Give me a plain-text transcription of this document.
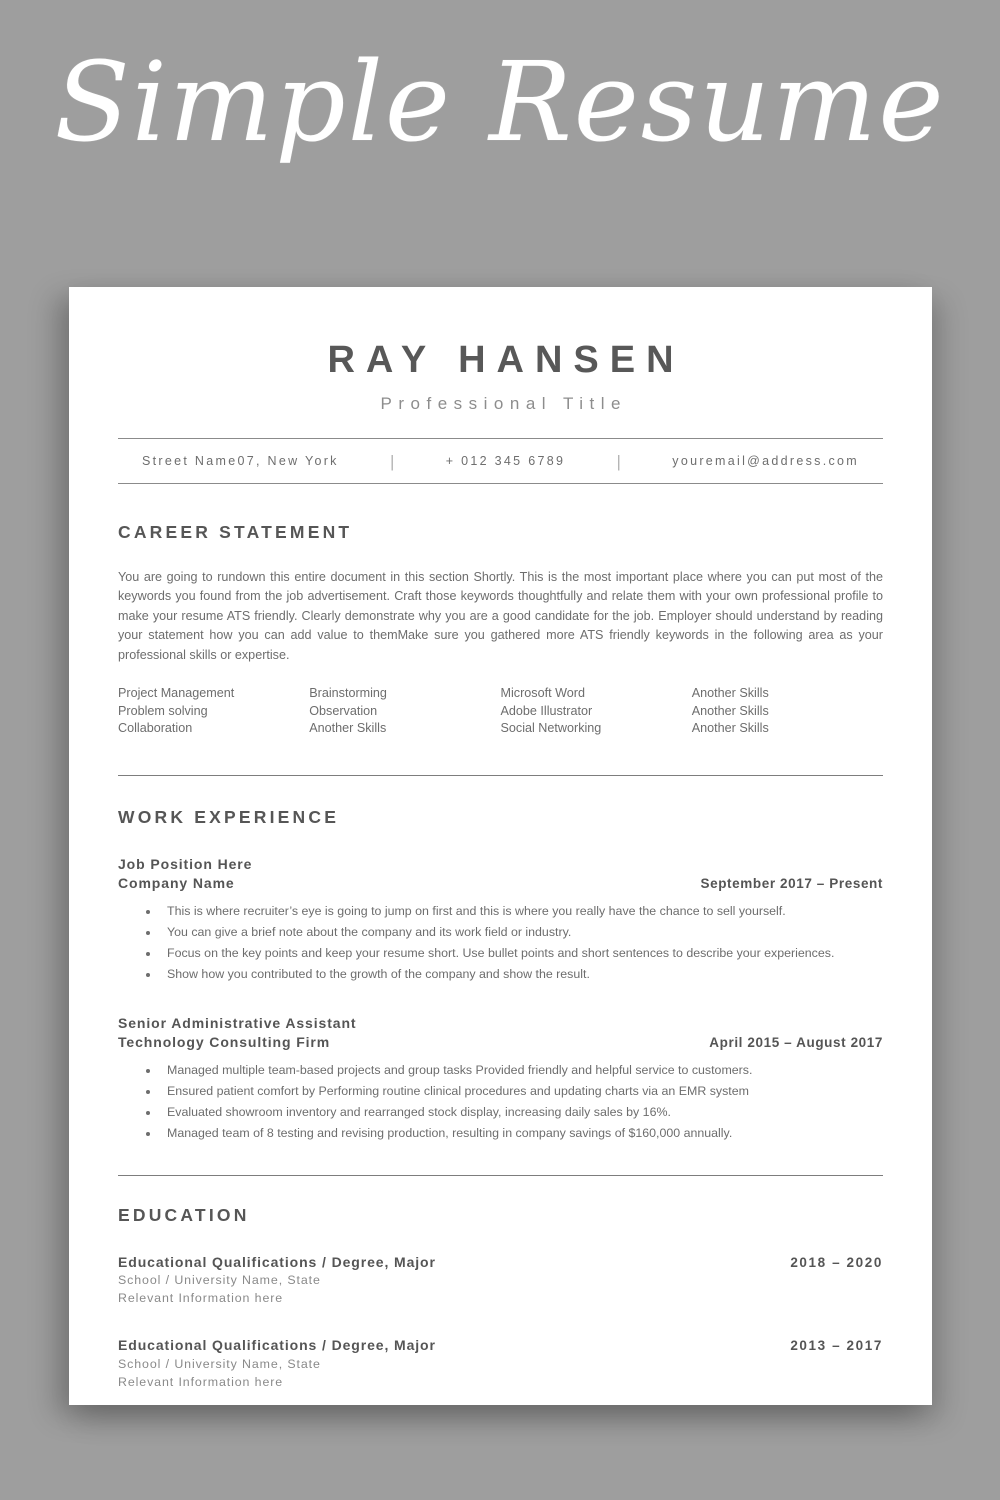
Simple Resume
RAY HANSEN
Professional Title
Street Name07, New York	|	+ 012 345 6789	|	youremail@address.com
CAREER STATEMENT
You are going to rundown this entire document in this section Shortly. This is the most important place where you can put most of the keywords you found from the job advertisement. Craft those keywords thoughtfully and relate them with your own professional profile to make your resume ATS friendly. Clearly demonstrate why you are a good candidate for the job. Employer should understand by reading your statement how you can add value to themMake sure you gathered more ATS friendly keywords in the following area as your professional skills or expertise.
Project Management	Brainstorming	Microsoft Word	Another Skills
Problem solving	Observation	Adobe Illustrator	Another Skills
Collaboration	Another Skills	Social Networking	Another Skills
WORK EXPERIENCE
Job Position Here
Company Name	September 2017 – Present
This is where recruiter’s eye is going to jump on first and this is where you really have the chance to sell yourself.
You can give a brief note about the company and its work field or industry.
Focus on the key points and keep your resume short. Use bullet points and short sentences to describe your experiences.
Show how you contributed to the growth of the company and show the result.
Senior Administrative Assistant
Technology Consulting Firm	April 2015 – August 2017
Managed multiple team-based projects and group tasks Provided friendly and helpful service to customers.
Ensured patient comfort by Performing routine clinical procedures and updating charts via an EMR system
Evaluated showroom inventory and rearranged stock display, increasing daily sales by 16%.
Managed team of 8 testing and revising production, resulting in company savings of $160,000 annually.
EDUCATION
Educational Qualifications / Degree, Major	2018 – 2020
School / University Name, State
Relevant Information here
Educational Qualifications / Degree, Major	2013 – 2017
School / University Name, State
Relevant Information here
